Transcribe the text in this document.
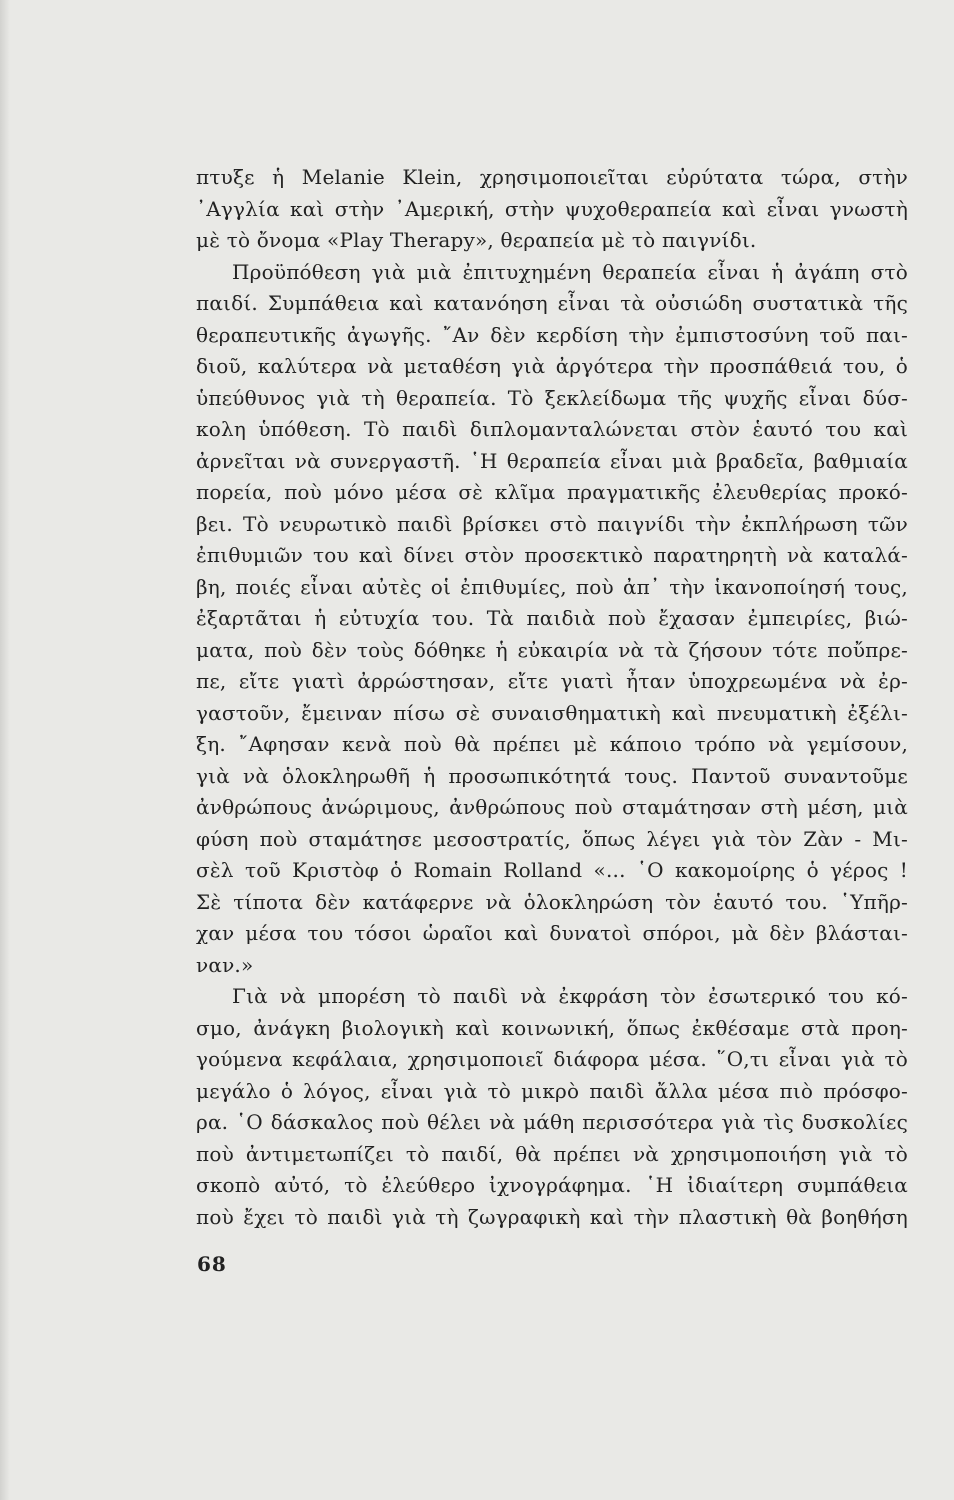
πτυξε ἡ Melanie Klein, χρησιμοποιεῖται εὐρύτατα τώρα, στὴν
᾿Αγγλία καὶ στὴν ᾿Αμερική, στὴν ψυχοθεραπεία καὶ εἶναι γνωστὴ
μὲ τὸ ὄνομα «Play Therapy», θεραπεία μὲ τὸ παιγνίδι.
Προϋπόθεση γιὰ μιὰ ἐπιτυχημένη θεραπεία εἶναι ἡ ἀγάπη στὸ
παιδί. Συμπάθεια καὶ κατανόηση εἶναι τὰ οὐσιώδη συστατικὰ τῆς
θεραπευτικῆς ἀγωγῆς. ῎Αν δὲν κερδίση τὴν ἐμπιστοσύνη τοῦ παι-
διοῦ, καλύτερα νὰ μεταθέση γιὰ ἀργότερα τὴν προσπάθειά του, ὁ
ὑπεύθυνος γιὰ τὴ θεραπεία. Τὸ ξεκλείδωμα τῆς ψυχῆς εἶναι δύσ-
κολη ὑπόθεση. Τὸ παιδὶ διπλομανταλώνεται στὸν ἑαυτό του καὶ
ἀρνεῖται νὰ συνεργαστῆ. ῾Η θεραπεία εἶναι μιὰ βραδεῖα, βαθμιαία
πορεία, ποὺ μόνο μέσα σὲ κλῖμα πραγματικῆς ἐλευθερίας προκό-
βει. Τὸ νευρωτικὸ παιδὶ βρίσκει στὸ παιγνίδι τὴν ἐκπλήρωση τῶν
ἐπιθυμιῶν του καὶ δίνει στὸν προσεκτικὸ παρατηρητὴ νὰ καταλά-
βη, ποιές εἶναι αὐτὲς οἱ ἐπιθυμίες, ποὺ ἀπ᾿ τὴν ἱκανοποίησή τους,
ἐξαρτᾶται ἡ εὐτυχία του. Τὰ παιδιὰ ποὺ ἔχασαν ἐμπειρίες, βιώ-
ματα, ποὺ δὲν τοὺς δόθηκε ἡ εὐκαιρία νὰ τὰ ζήσουν τότε ποὔπρε-
πε, εἴτε γιατὶ ἀρρώστησαν, εἴτε γιατὶ ἦταν ὑποχρεωμένα νὰ ἐρ-
γαστοῦν, ἔμειναν πίσω σὲ συναισθηματικὴ καὶ πνευματικὴ ἐξέλι-
ξη. ῎Αφησαν κενὰ ποὺ θὰ πρέπει μὲ κάποιο τρόπο νὰ γεμίσουν,
γιὰ νὰ ὁλοκληρωθῆ ἡ προσωπικότητά τους. Παντοῦ συναντοῦμε
ἀνθρώπους ἀνώριμους, ἀνθρώπους ποὺ σταμάτησαν στὴ μέση, μιὰ
φύση ποὺ σταμάτησε μεσοστρατίς, ὅπως λέγει γιὰ τὸν Ζὰν - Μι-
σὲλ τοῦ Κριστὸφ ὁ Romain Rolland «... ῾Ο κακομοίρης ὁ γέρος !
Σὲ τίποτα δὲν κατάφερνε νὰ ὁλοκληρώση τὸν ἑαυτό του. ῾Υπῆρ-
χαν μέσα του τόσοι ὡραῖοι καὶ δυνατοὶ σπόροι, μὰ δὲν βλάσται-
ναν.»
Γιὰ νὰ μπορέση τὸ παιδὶ νὰ ἐκφράση τὸν ἐσωτερικό του κό-
σμο, ἀνάγκη βιολογικὴ καὶ κοινωνική, ὅπως ἐκθέσαμε στὰ προη-
γούμενα κεφάλαια, χρησιμοποιεῖ διάφορα μέσα. ῞Ο,τι εἶναι γιὰ τὸ
μεγάλο ὁ λόγος, εἶναι γιὰ τὸ μικρὸ παιδὶ ἄλλα μέσα πιὸ πρόσφο-
ρα. ῾Ο δάσκαλος ποὺ θέλει νὰ μάθη περισσότερα γιὰ τὶς δυσκολίες
ποὺ ἀντιμετωπίζει τὸ παιδί, θὰ πρέπει νὰ χρησιμοποιήση γιὰ τὸ
σκοπὸ αὐτό, τὸ ἐλεύθερο ἰχνογράφημα. ῾Η ἰδιαίτερη συμπάθεια
ποὺ ἔχει τὸ παιδὶ γιὰ τὴ ζωγραφικὴ καὶ τὴν πλαστικὴ θὰ βοηθήση
68
